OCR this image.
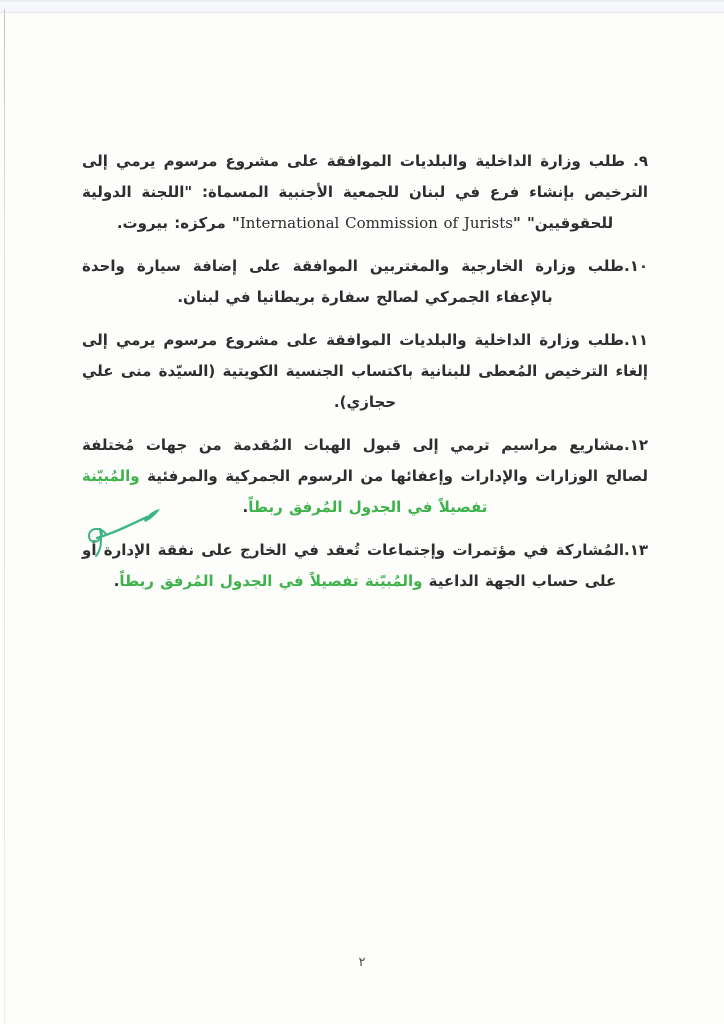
٩. طلب وزارة الداخلية والبلديات الموافقة على مشروع مرسوم يرمي إلى الترخيص بإنشاء فرع في لبنان للجمعية الأجنبية المسماة: "اللجنة الدولية للحقوقيين" "International Commission of Jurists" مركزه: بيروت.

١٠.طلب وزارة الخارجية والمغتربين الموافقة على إضافة سيارة واحدة بالإعفاء الجمركي لصالح سفارة بريطانيا في لبنان.

١١.طلب وزارة الداخلية والبلديات الموافقة على مشروع مرسوم يرمي إلى إلغاء الترخيص المُعطى للبنانية باكتساب الجنسية الكويتية (السيّدة منى علي حجازي).

١٢.مشاريع مراسيم ترمي إلى قبول الهبات المُقدمة من جهات مُختلفة لصالح الوزارات والإدارات وإعفائها من الرسوم الجمركية والمرفئية والمُبيّنة تفصيلاً في الجدول المُرفق ربطاً.

١٣.المُشاركة في مؤتمرات وإجتماعات تُعقد في الخارج على نفقة الإدارة أو على حساب الجهة الداعية والمُبيّنة تفصيلاً في الجدول المُرفق ربطاً.

٢
